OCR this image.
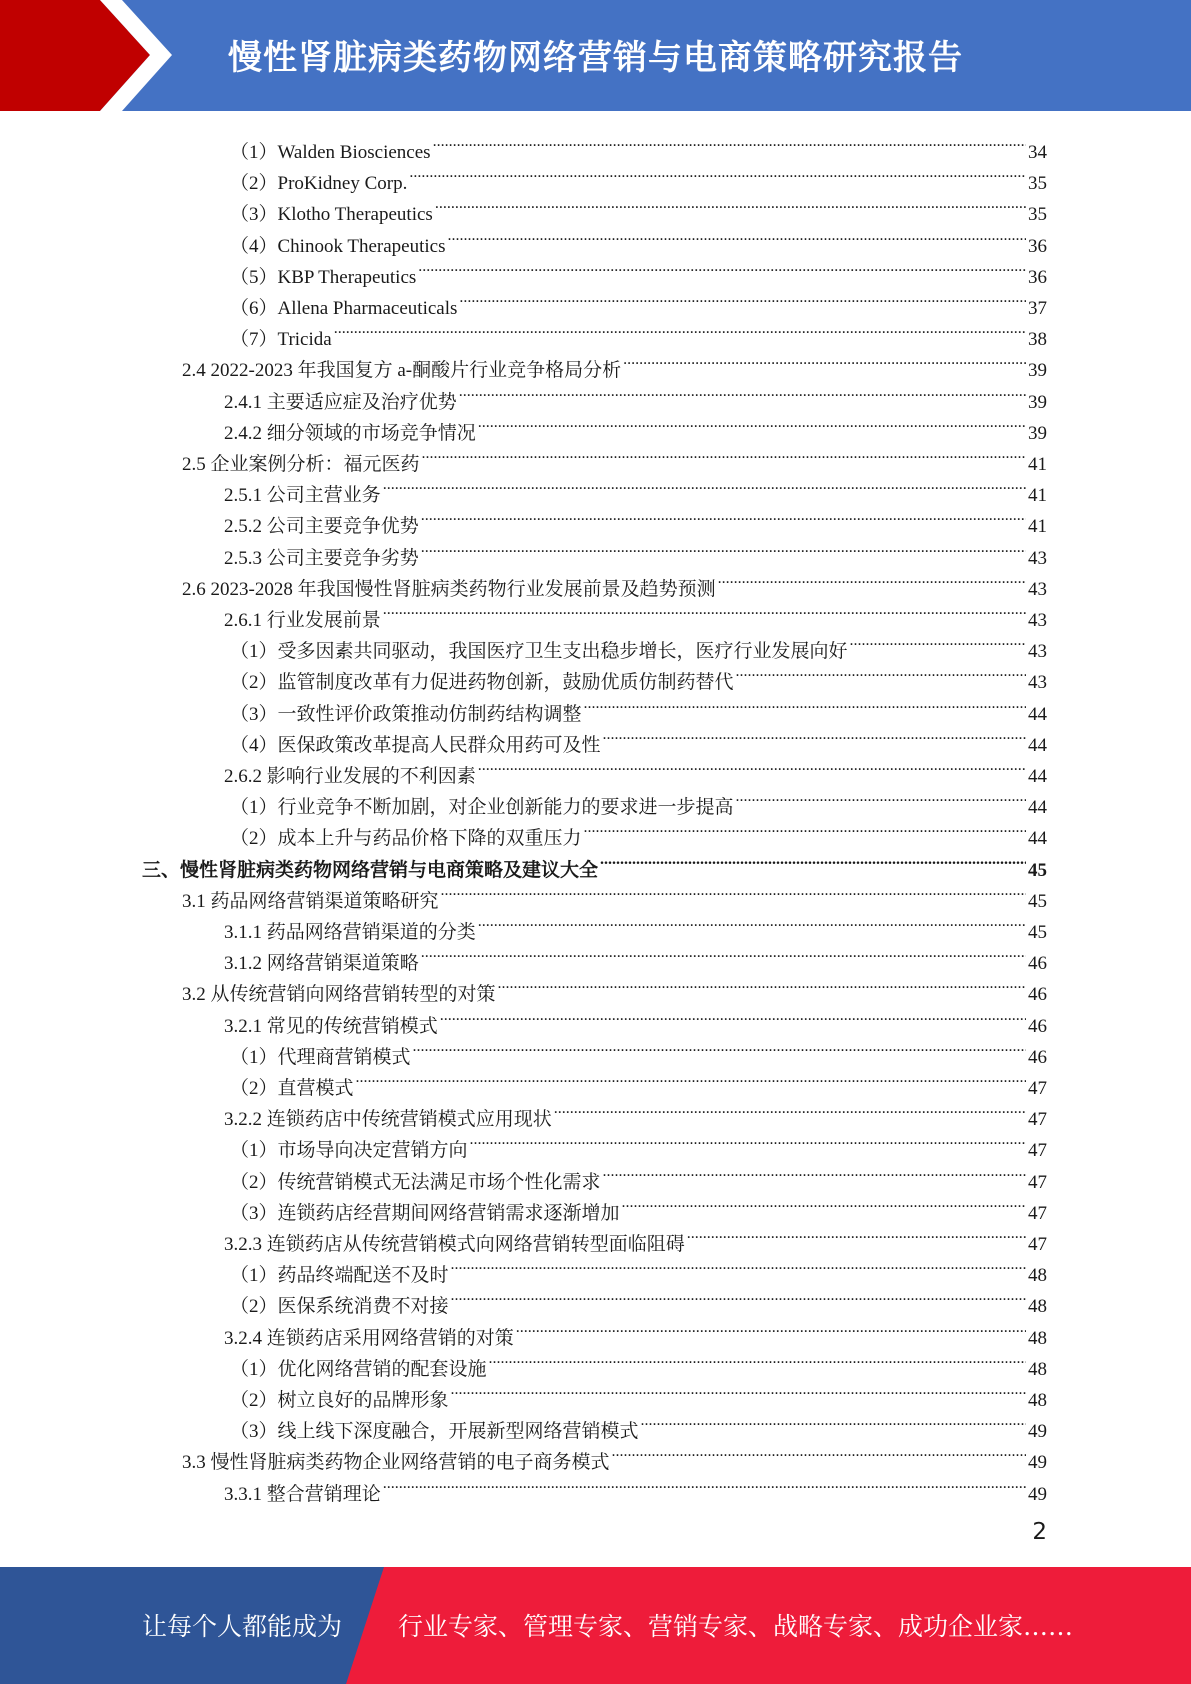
慢性肾脏病类药物网络营销与电商策略研究报告
（1）Walden Biosciences .....	34
（2）ProKidney Corp. .....	35
（3）Klotho Therapeutics .....	35
（4）Chinook Therapeutics .....	36
（5）KBP Therapeutics .....	36
（6）Allena Pharmaceuticals .....	37
（7）Tricida .....	38
2.4 2022-2023 年我国复方 a-酮酸片行业竞争格局分析 .....	39
2.4.1 主要适应症及治疗优势 .....	39
2.4.2 细分领域的市场竞争情况 .....	39
2.5 企业案例分析：福元医药 .....	41
2.5.1 公司主营业务 .....	41
2.5.2 公司主要竞争优势 .....	41
2.5.3 公司主要竞争劣势 .....	43
2.6 2023-2028 年我国慢性肾脏病类药物行业发展前景及趋势预测 .....	43
2.6.1 行业发展前景 .....	43
（1）受多因素共同驱动，我国医疗卫生支出稳步增长，医疗行业发展向好 .....	43
（2）监管制度改革有力促进药物创新，鼓励优质仿制药替代 .....	43
（3）一致性评价政策推动仿制药结构调整 .....	44
（4）医保政策改革提高人民群众用药可及性 .....	44
2.6.2 影响行业发展的不利因素 .....	44
（1）行业竞争不断加剧，对企业创新能力的要求进一步提高 .....	44
（2）成本上升与药品价格下降的双重压力 .....	44
三、慢性肾脏病类药物网络营销与电商策略及建议大全 .....	45
3.1 药品网络营销渠道策略研究 .....	45
3.1.1 药品网络营销渠道的分类 .....	45
3.1.2 网络营销渠道策略 .....	46
3.2 从传统营销向网络营销转型的对策 .....	46
3.2.1 常见的传统营销模式 .....	46
（1）代理商营销模式 .....	46
（2）直营模式 .....	47
3.2.2 连锁药店中传统营销模式应用现状 .....	47
（1）市场导向决定营销方向 .....	47
（2）传统营销模式无法满足市场个性化需求 .....	47
（3）连锁药店经营期间网络营销需求逐渐增加 .....	47
3.2.3 连锁药店从传统营销模式向网络营销转型面临阻碍 .....	47
（1）药品终端配送不及时 .....	48
（2）医保系统消费不对接 .....	48
3.2.4 连锁药店采用网络营销的对策 .....	48
（1）优化网络营销的配套设施 .....	48
（2）树立良好的品牌形象 .....	48
（3）线上线下深度融合，开展新型网络营销模式 .....	49
3.3 慢性肾脏病类药物企业网络营销的电子商务模式 .....	49
3.3.1 整合营销理论 .....	49
2
让每个人都能成为 行业专家、管理专家、营销专家、战略专家、成功企业家……
